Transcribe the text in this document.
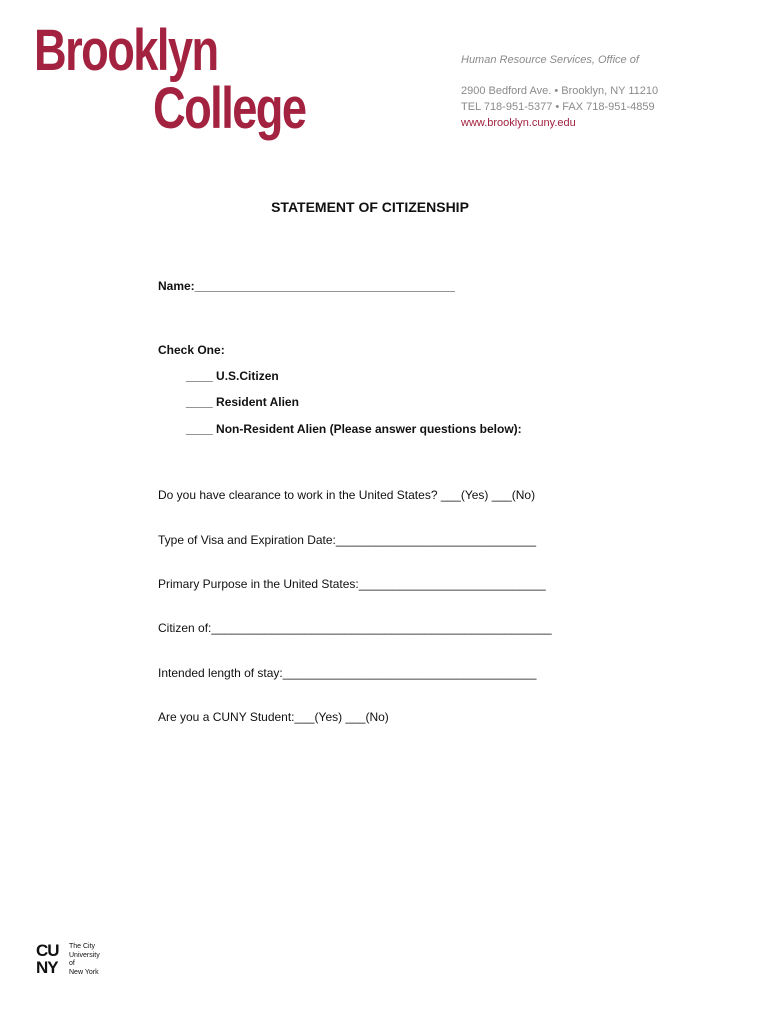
Brooklyn
College
Human Resource Services, Office of
2900 Bedford Ave. • Brooklyn, NY 11210
TEL 718-951-5377 • FAX 718-951-4859
www.brooklyn.cuny.edu
STATEMENT OF CITIZENSHIP
Name:_______________________________________
Check One:
____ U.S.Citizen
____ Resident Alien
____ Non-Resident Alien (Please answer questions below):
Do you have clearance to work in the United States? ___(Yes) ___(No)
Type of Visa and Expiration Date:______________________________
Primary Purpose in the United States:____________________________
Citizen of:___________________________________________________
Intended length of stay:______________________________________
Are you a CUNY Student:___(Yes) ___(No)
CU
NY
The City
University
of
New York
